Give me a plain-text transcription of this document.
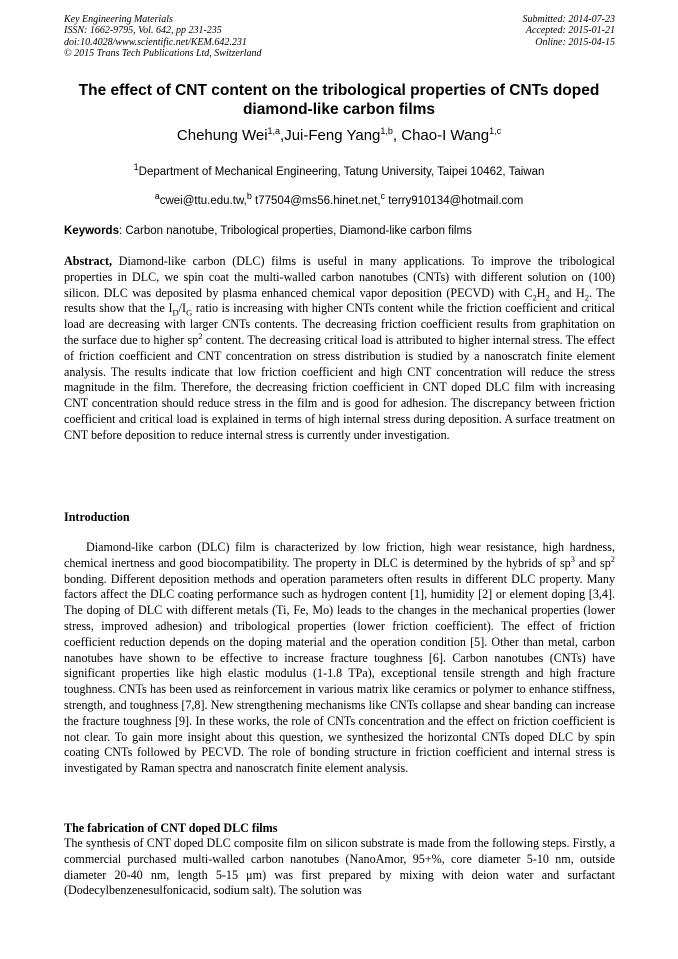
Key Engineering Materials
ISSN: 1662-9795, Vol. 642, pp 231-235
doi:10.4028/www.scientific.net/KEM.642.231
© 2015 Trans Tech Publications Ltd, Switzerland
Submitted: 2014-07-23
Accepted: 2015-01-21
Online: 2015-04-15
The effect of CNT content on the tribological properties of CNTs doped diamond-like carbon films
Chehung Wei$^{1,a}$,Jui-Feng Yang$^{1,b}$, Chao-I Wang$^{1,c}$
$^1$Department of Mechanical Engineering, Tatung University, Taipei 10462, Taiwan
$^a$cwei@ttu.edu.tw,$^b$ t77504@ms56.hinet.net,$^c$ terry910134@hotmail.com
Keywords: Carbon nanotube, Tribological properties, Diamond-like carbon films
Abstract, Diamond-like carbon (DLC) films is useful in many applications. To improve the tribological properties in DLC, we spin coat the multi-walled carbon nanotubes (CNTs) with different solution on (100) silicon. DLC was deposited by plasma enhanced chemical vapor deposition (PECVD) with $C_2H_2$ and $H_2$. The results show that the $I_D/I_G$ ratio is increasing with higher CNTs content while the friction coefficient and critical load are decreasing with larger CNTs contents. The decreasing friction coefficient results from graphitation on the surface due to higher $sp^2$ content. The decreasing critical load is attributed to higher internal stress. The effect of friction coefficient and CNT concentration on stress distribution is studied by a nanoscratch finite element analysis. The results indicate that low friction coefficient and high CNT concentration will reduce the stress magnitude in the film. Therefore, the decreasing friction coefficient in CNT doped DLC film with increasing CNT concentration should reduce stress in the film and is good for adhesion. The discrepancy between friction coefficient and critical load is explained in terms of high internal stress during deposition. A surface treatment on CNT before deposition to reduce internal stress is currently under investigation.
Introduction
Diamond-like carbon (DLC) film is characterized by low friction, high wear resistance, high hardness, chemical inertness and good biocompatibility. The property in DLC is determined by the hybrids of $sp^3$ and $sp^2$ bonding. Different deposition methods and operation parameters often results in different DLC property. Many factors affect the DLC coating performance such as hydrogen content [1], humidity [2] or element doping [3,4]. The doping of DLC with different metals (Ti, Fe, Mo) leads to the changes in the mechanical properties (lower stress, improved adhesion) and tribological properties (lower friction coefficient). The effect of friction coefficient reduction depends on the doping material and the operation condition [5]. Other than metal, carbon nanotubes have shown to be effective to increase fracture toughness [6]. Carbon nanotubes (CNTs) have significant properties like high elastic modulus (1-1.8 TPa), exceptional tensile strength and high fracture toughness. CNTs has been used as reinforcement in various matrix like ceramics or polymer to enhance stiffness, strength, and toughness [7,8]. New strengthening mechanisms like CNTs collapse and shear banding can increase the fracture toughness [9]. In these works, the role of CNTs concentration and the effect on friction coefficient is not clear. To gain more insight about this question, we synthesized the horizontal CNTs doped DLC by spin coating CNTs followed by PECVD. The role of bonding structure in friction coefficient and internal stress is investigated by Raman spectra and nanoscratch finite element analysis.
The fabrication of CNT doped DLC films
The synthesis of CNT doped DLC composite film on silicon substrate is made from the following steps. Firstly, a commercial purchased multi-walled carbon nanotubes (NanoAmor, 95+%, core diameter 5-10 nm, outside diameter 20-40 nm, length 5-15 μm) was first prepared by mixing with deion water and surfactant (Dodecylbenzenesulfonicacid, sodium salt). The solution was
